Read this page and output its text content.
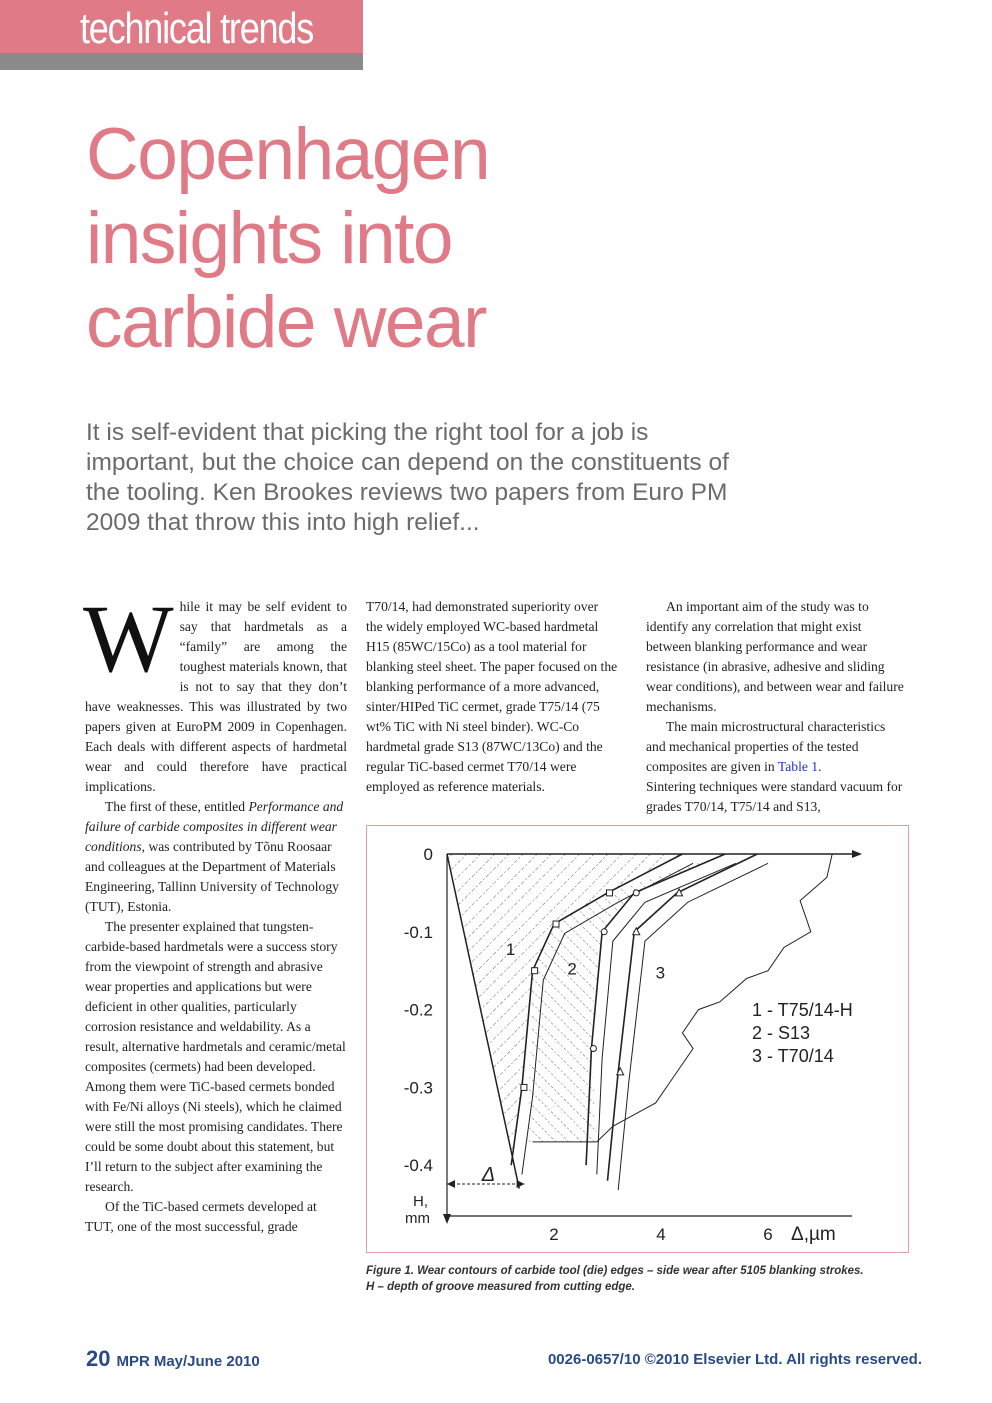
technical trends
Copenhagen
insights into
carbide wear
It is self-evident that picking the right tool for a job is
important, but the choice can depend on the constituents of
the tooling. Ken Brookes reviews two papers from Euro PM
2009 that throw this into high relief...
W hile it may be self evident to say that hardmetals as a “family” are among the toughest materials known, that is not to say that they don’t have weaknesses. This was illustrated by two papers given at EuroPM 2009 in Copenhagen. Each deals with different aspects of hardmetal wear and could therefore have practical implications.

The first of these, entitled Performance and failure of carbide composites in different wear conditions, was contributed by Tõnu Roosaar and colleagues at the Department of Materials Engineering, Tallinn University of Technology (TUT), Estonia.

The presenter explained that tungsten-carbide-based hardmetals were a success story from the viewpoint of strength and abrasive wear properties and applications but were deficient in other qualities, particularly corrosion resistance and weldability. As a result, alternative hardmetals and ceramic/metal composites (cermets) had been developed. Among them were TiC-based cermets bonded with Fe/Ni alloys (Ni steels), which he claimed were still the most promising candidates. There could be some doubt about this statement, but I’ll return to the subject after examining the research.

Of the TiC-based cermets developed at TUT, one of the most successful, grade

T70/14, had demonstrated superiority over the widely employed WC-based hardmetal H15 (85WC/15Co) as a tool material for blanking steel sheet. The paper focused on the blanking performance of a more advanced, sinter/HIPed TiC cermet, grade T75/14 (75 wt% TiC with Ni steel binder). WC-Co hardmetal grade S13 (87WC/13Co) and the regular TiC-based cermet T70/14 were employed as reference materials.

An important aim of the study was to identify any correlation that might exist between blanking performance and wear resistance (in abrasive, adhesive and sliding wear conditions), and between wear and failure mechanisms.

The main microstructural characteristics and mechanical properties of the tested composites are given in Table 1.

Sintering techniques were standard vacuum for grades T70/14, T75/14 and S13,

1
2	3
0
-0.1
-0.2
-0.3
-0.4
2	4	6 Δ,µm
H,
mm
Δ
1 - T75/14-H
2 - S13
3 - T70/14
Figure 1. Wear contours of carbide tool (die) edges – side wear after 5105 blanking strokes.
H – depth of groove measured from cutting edge.
20 MPR May/June 2010	0026-0657/10 ©2010 Elsevier Ltd. All rights reserved.
